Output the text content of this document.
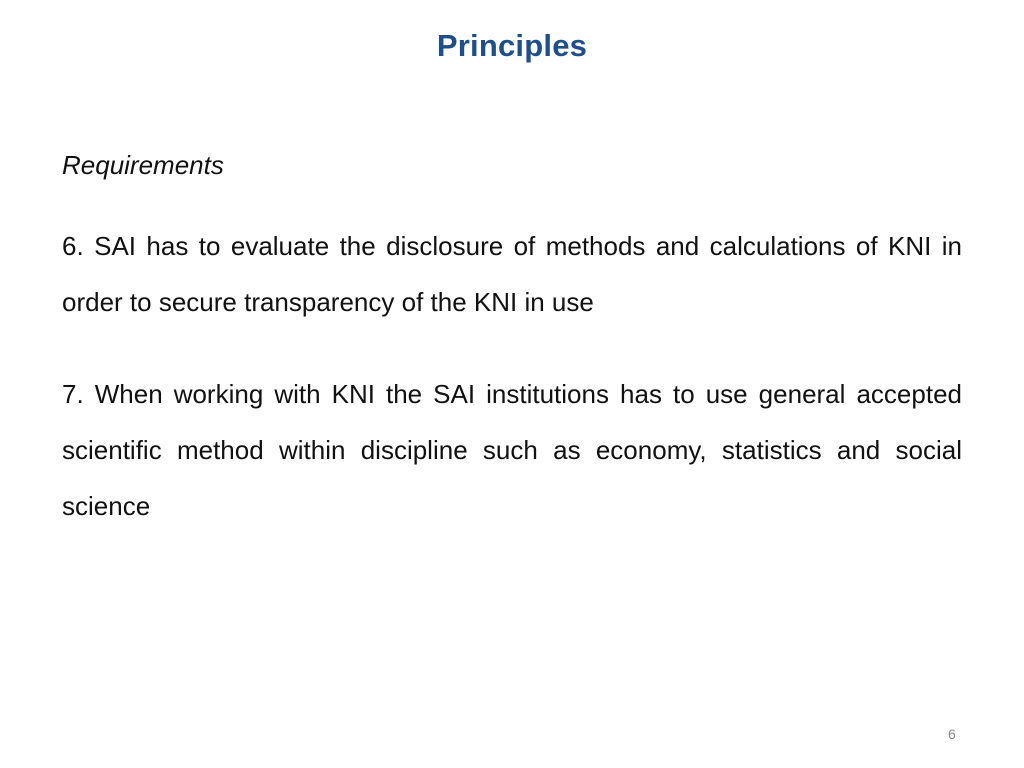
Principles
Requirements

6. SAI has to evaluate the disclosure of methods and calculations of KNI in order to secure transparency of the KNI in use

7. When working with KNI the SAI institutions has to use general accepted scientific method within discipline such as economy, statistics and social science

6
